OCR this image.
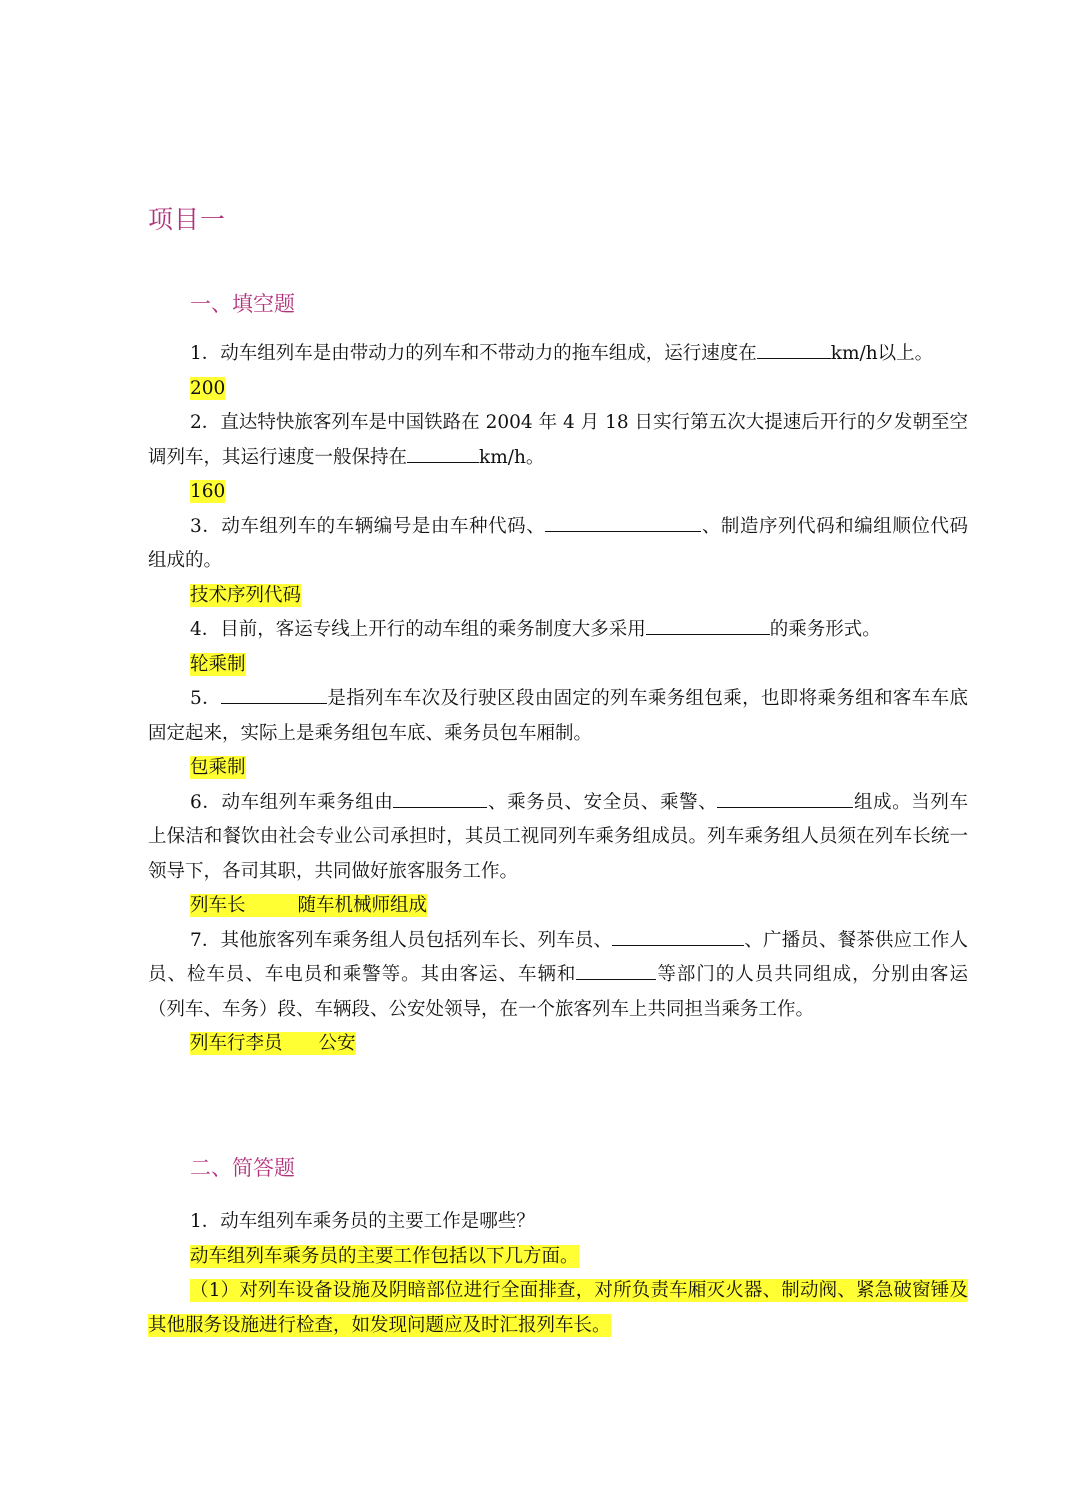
项目一
一、填空题

1．动车组列车是由带动力的列车和不带动力的拖车组成，运行速度在	km/h以上。

200

2．直达特快旅客列车是中国铁路在 2004 年 4 月 18 日实行第五次大提速后开行的夕发朝至空调列车，其运行速度一般保持在	km/h。

160

3．动车组列车的车辆编号是由车种代码、	、制造序列代码和编组顺位代码组成的。

技术序列代码

4．目前，客运专线上开行的动车组的乘务制度大多采用	的乘务形式。

轮乘制

5．	是指列车车次及行驶区段由固定的列车乘务组包乘，也即将乘务组和客车车底固定起来，实际上是乘务组包车底、乘务员包车厢制。

包乘制

6．动车组列车乘务组由	、乘务员、安全员、乘警、	组成。当列车上保洁和餐饮由社会专业公司承担时，其员工视同列车乘务组成员。列车乘务组人员须在列车长统一领导下，各司其职，共同做好旅客服务工作。

列车长	随车机械师组成

7．其他旅客列车乘务组人员包括列车长、列车员、	、广播员、餐茶供应工作人员、检车员、车电员和乘警等。其由客运、车辆和	等部门的人员共同组成，分别由客运（列车、车务）段、车辆段、公安处领导，在一个旅客列车上共同担当乘务工作。

列车行李员 公安

二、简答题

1．动车组列车乘务员的主要工作是哪些？

动车组列车乘务员的主要工作包括以下几方面。

（1）对列车设备设施及阴暗部位进行全面排查，对所负责车厢灭火器、制动阀、紧急破窗锤及其他服务设施进行检查，如发现问题应及时汇报列车长。
